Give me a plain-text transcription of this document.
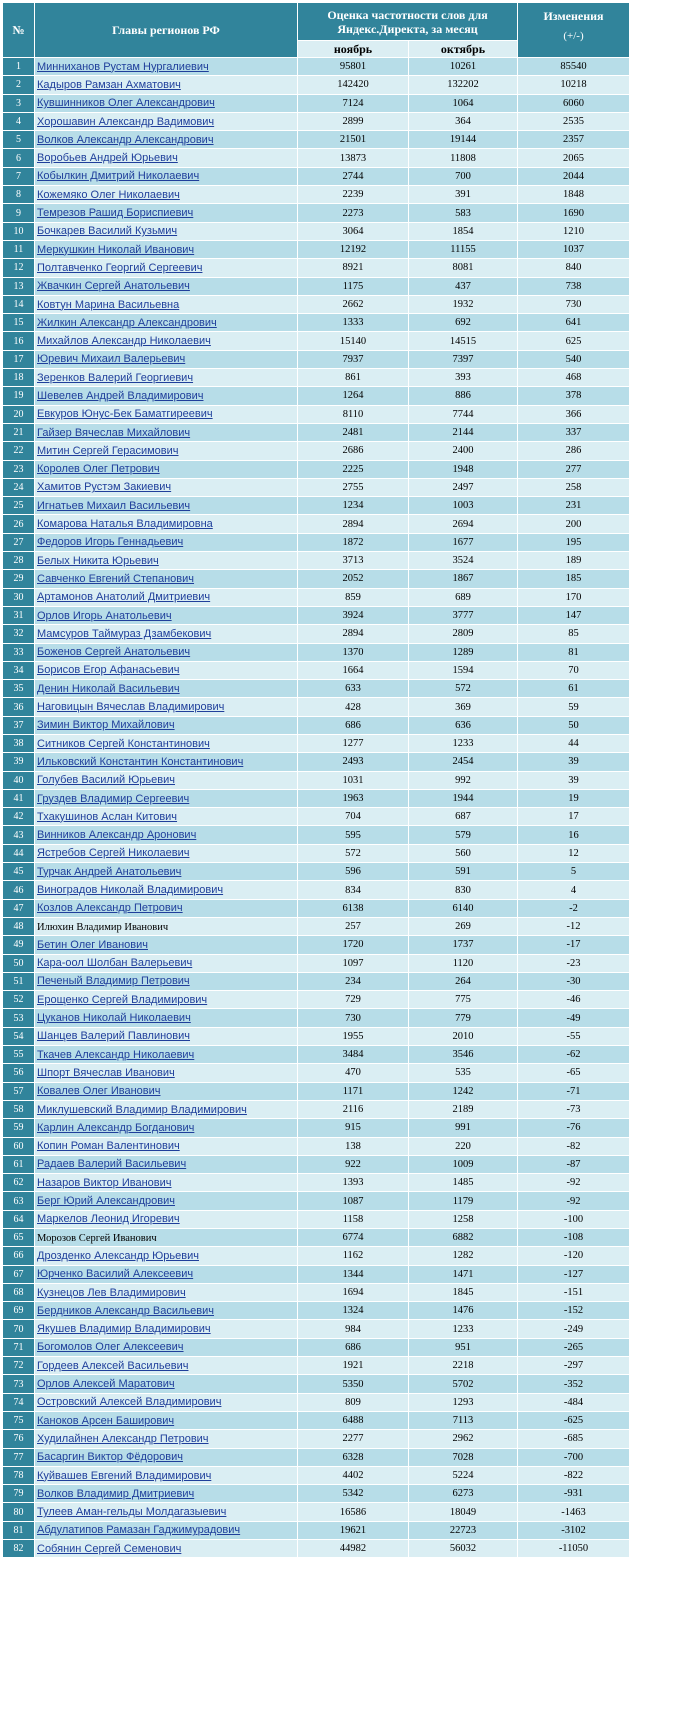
№	Главы регионов РФ	Оценка частотности слов для Яндекс.Директа, за месяц		Изменения
(+/-)

		ноябрь	октябрь	
1	Минниханов Рустам Нургалиевич	95801	10261	85540
2	Кадыров Рамзан Ахматович	142420	132202	10218
3	Кувшинников Олег Александрович	7124	1064	6060
4	Хорошавин Александр Вадимович	2899	364	2535
5	Волков Александр Александрович	21501	19144	2357
6	Воробьев Андрей Юрьевич	13873	11808	2065
7	Кобылкин Дмитрий Николаевич	2744	700	2044
8	Кожемяко Олег Николаевич	2239	391	1848
9	Темрезов Рашид Бориспиевич	2273	583	1690
10	Бочкарев Василий Кузьмич	3064	1854	1210
11	Меркушкин Николай Иванович	12192	11155	1037
12	Полтавченко Георгий Сергеевич	8921	8081	840
13	Жвачкин Сергей Анатольевич	1175	437	738
14	Ковтун Марина Васильевна	2662	1932	730
15	Жилкин Александр Александрович	1333	692	641
16	Михайлов Александр Николаевич	15140	14515	625
17	Юревич Михаил Валерьевич	7937	7397	540
18	Зеренков Валерий Георгиевич	861	393	468
19	Шевелев Андрей Владимирович	1264	886	378
20	Евкуров Юнус-Бек Баматгиреевич	8110	7744	366
21	Гайзер Вячеслав Михайлович	2481	2144	337
22	Митин Сергей Герасимович	2686	2400	286
23	Королев Олег Петрович	2225	1948	277
24	Хамитов Рустэм Закиевич	2755	2497	258
25	Игнатьев Михаил Васильевич	1234	1003	231
26	Комарова Наталья Владимировна	2894	2694	200
27	Федоров Игорь Геннадьевич	1872	1677	195
28	Белых Никита Юрьевич	3713	3524	189
29	Савченко Евгений Степанович	2052	1867	185
30	Артамонов Анатолий Дмитриевич	859	689	170
31	Орлов Игорь Анатольевич	3924	3777	147
32	Мамсуров Таймураз Дзамбекович	2894	2809	85
33	Боженов Сергей Анатольевич	1370	1289	81
34	Борисов Егор Афанасьевич	1664	1594	70
35	Денин Николай Васильевич	633	572	61
36	Наговицын Вячеслав Владимирович	428	369	59
37	Зимин Виктор Михайлович	686	636	50
38	Ситников Сергей Константинович	1277	1233	44
39	Ильковский Константин Константинович	2493	2454	39
40	Голубев Василий Юрьевич	1031	992	39
41	Груздев Владимир Сергеевич	1963	1944	19
42	Тхакушинов Аслан Китович	704	687	17
43	Винников Александр Аронович	595	579	16
44	Ястребов Сергей Николаевич	572	560	12
45	Турчак Андрей Анатольевич	596	591	5
46	Виноградов Николай Владимирович	834	830	4
47	Козлов Александр Петрович	6138	6140	-2
48	Илюхин Владимир Иванович	257	269	-12
49	Бетин Олег Иванович	1720	1737	-17
50	Кара-оол Шолбан Валерьевич	1097	1120	-23
51	Печеный Владимир Петрович	234	264	-30
52	Ерощенко Сергей Владимирович	729	775	-46
53	Цуканов Николай Николаевич	730	779	-49
54	Шанцев Валерий Павлинович	1955	2010	-55
55	Ткачев Александр Николаевич	3484	3546	-62
56	Шпорт Вячеслав Иванович	470	535	-65
57	Ковалев Олег Иванович	1171	1242	-71
58	Миклушевский Владимир Владимирович	2116	2189	-73
59	Карлин Александр Богданович	915	991	-76
60	Копин Роман Валентинович	138	220	-82
61	Радаев Валерий Васильевич	922	1009	-87
62	Назаров Виктор Иванович	1393	1485	-92
63	Берг Юрий Александрович	1087	1179	-92
64	Маркелов Леонид Игоревич	1158	1258	-100
65	Морозов Сергей Иванович	6774	6882	-108
66	Дрозденко Александр Юрьевич	1162	1282	-120
67	Юрченко Василий Алексеевич	1344	1471	-127
68	Кузнецов Лев Владимирович	1694	1845	-151
69	Бердников Александр Васильевич	1324	1476	-152
70	Якушев Владимир Владимирович	984	1233	-249
71	Богомолов Олег Алексеевич	686	951	-265
72	Гордеев Алексей Васильевич	1921	2218	-297
73	Орлов Алексей Маратович	5350	5702	-352
74	Островский Алексей Владимирович	809	1293	-484
75	Каноков Арсен Баширович	6488	7113	-625
76	Худилайнен Александр Петрович	2277	2962	-685
77	Басаргин Виктор Фёдорович	6328	7028	-700
78	Куйвашев Евгений Владимирович	4402	5224	-822
79	Волков Владимир Дмитриевич	5342	6273	-931
80	Тулеев Аман-гельды Молдагазыевич	16586	18049	-1463
81	Абдулатипов Рамазан Гаджимурадович	19621	22723	-3102
82	Собянин Сергей Семенович	44982	56032	-11050
